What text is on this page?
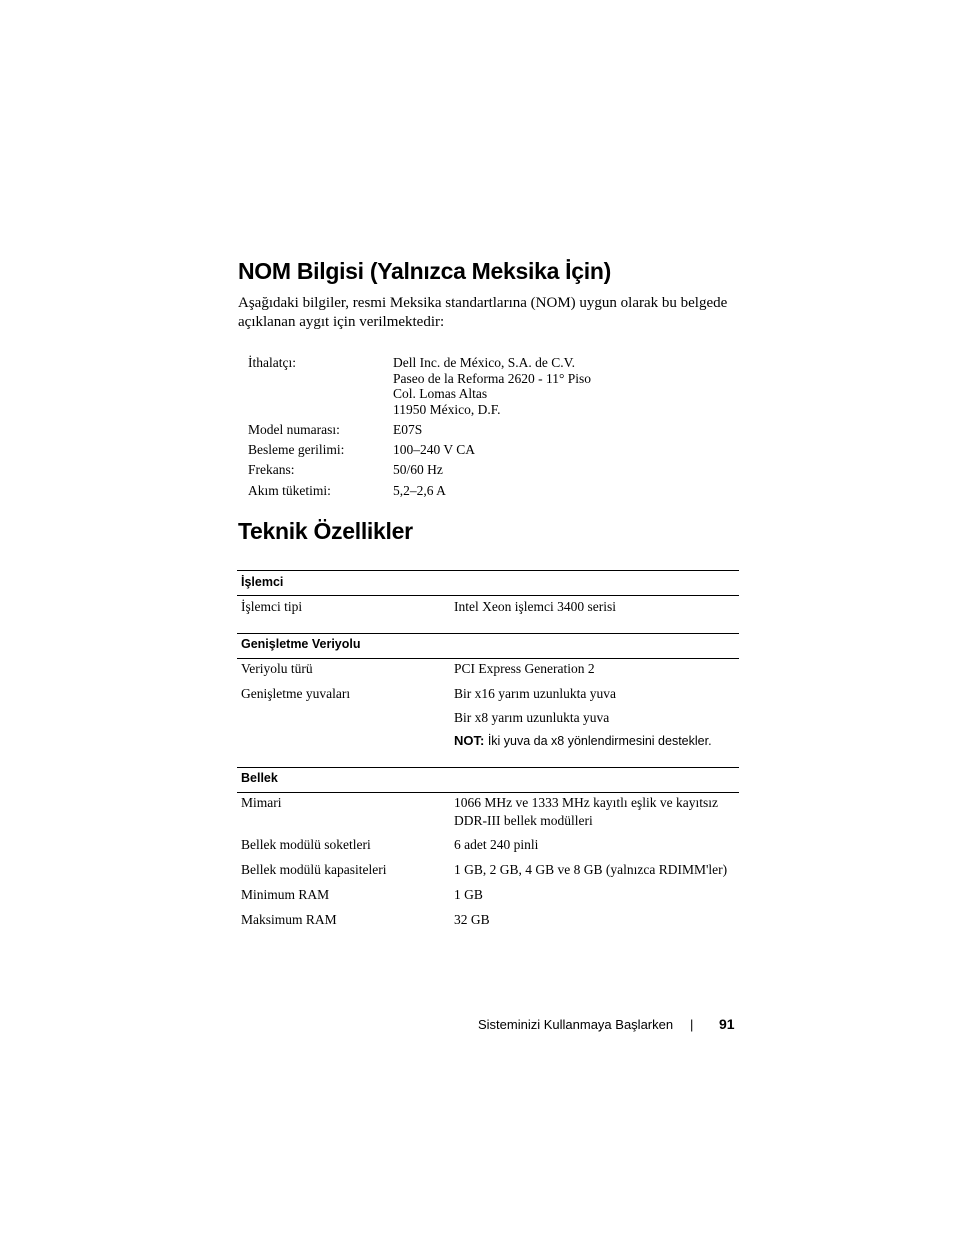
NOM Bilgisi (Yalnızca Meksika İçin)
Aşağıdaki bilgiler, resmi Meksika standartlarına (NOM) uygun olarak bu belgede açıklanan aygıt için verilmektedir:
İthalatçı:	Dell Inc. de México, S.A. de C.V.
Paseo de la Reforma 2620 - 11° Piso
Col. Lomas Altas
11950 México, D.F.
Model numarası:	E07S
Besleme gerilimi:	100–240 V CA
Frekans:	50/60 Hz
Akım tüketimi:	5,2–2,6 A
Teknik Özellikler
İşlemci
İşlemci tipi	Intel Xeon işlemci 3400 serisi
Genişletme Veriyolu
Veriyolu türü	PCI Express Generation 2
Genişletme yuvaları	Bir x16 yarım uzunlukta yuva
Bir x8 yarım uzunlukta yuva
NOT: İki yuva da x8 yönlendirmesini destekler.
Bellek
Mimari	1066 MHz ve 1333 MHz kayıtlı eşlik ve kayıtsız
DDR-III bellek modülleri
Bellek modülü soketleri	6 adet 240 pinli
Bellek modülü kapasiteleri	1 GB, 2 GB, 4 GB ve 8 GB (yalnızca RDIMM'ler)
Minimum RAM	1 GB
Maksimum RAM	32 GB
Sisteminizi Kullanmaya Başlarken | 91
